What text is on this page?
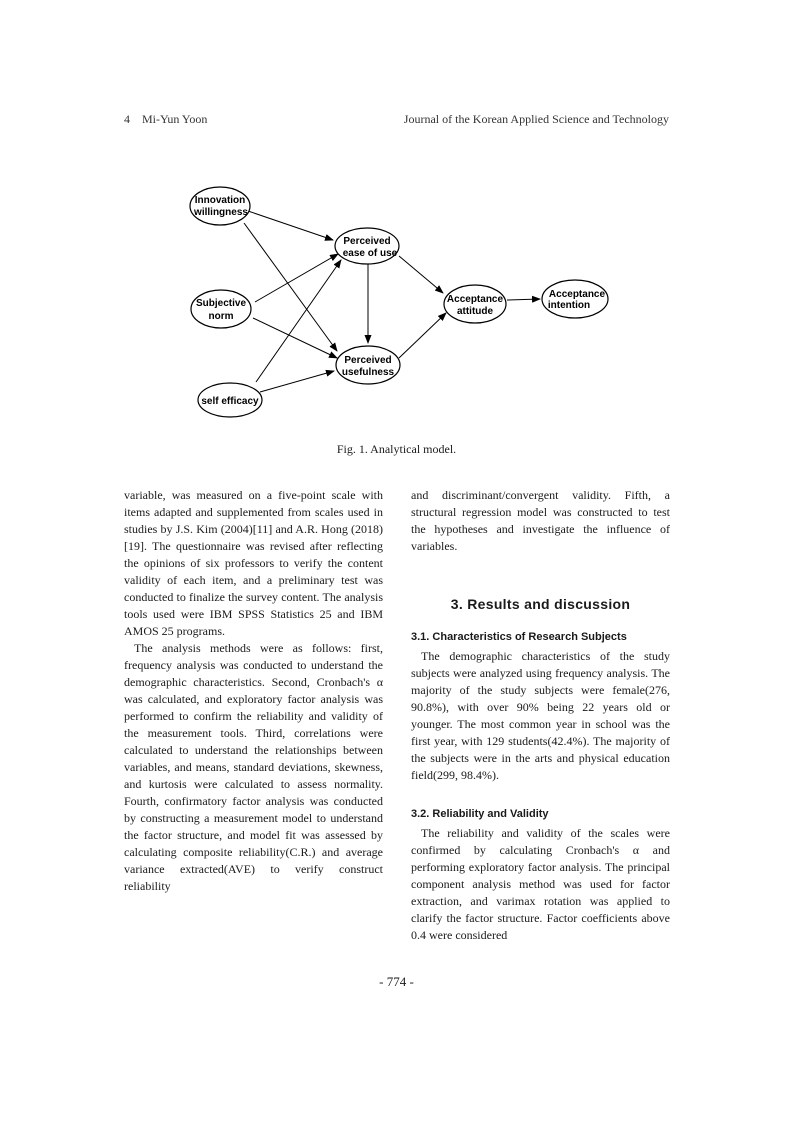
4 Mi-Yun Yoon	Journal of the Korean Applied Science and Technology
Innovation
willingness
Perceived
ease of use
Subjective
norm
Acceptance
attitude
Acceptance
intention
Perceived
usefulness
self efficacy
Fig. 1. Analytical model.

variable, was measured on a five-point scale with items adapted and supplemented from scales used in studies by J.S. Kim (2004)[11] and A.R. Hong (2018)[19]. The questionnaire was revised after reflecting the opinions of six professors to verify the content validity of each item, and a preliminary test was conducted to finalize the survey content. The analysis tools used were IBM SPSS Statistics 25 and IBM AMOS 25 programs.

The analysis methods were as follows: first, frequency analysis was conducted to understand the demographic characteristics. Second, Cronbach's α was calculated, and exploratory factor analysis was performed to confirm the reliability and validity of the measurement tools. Third, correlations were calculated to understand the relationships between variables, and means, standard deviations, skewness, and kurtosis were calculated to assess normality. Fourth, confirmatory factor analysis was conducted by constructing a measurement model to understand the factor structure, and model fit was assessed by calculating composite reliability(C.R.) and average variance extracted(AVE) to verify construct reliability

and discriminant/convergent validity. Fifth, a structural regression model was constructed to test the hypotheses and investigate the influence of variables.

3. Results and discussion
3.1. Characteristics of Research Subjects

The demographic characteristics of the study subjects were analyzed using frequency analysis. The majority of the study subjects were female(276, 90.8%), with over 90% being 22 years old or younger. The most common year in school was the first year, with 129 students(42.4%). The majority of the subjects were in the arts and physical education field(299, 98.4%).

3.2. Reliability and Validity

The reliability and validity of the scales were confirmed by calculating Cronbach's α and performing exploratory factor analysis. The principal component analysis method was used for factor extraction, and varimax rotation was applied to clarify the factor structure. Factor coefficients above 0.4 were considered

- 774 -
